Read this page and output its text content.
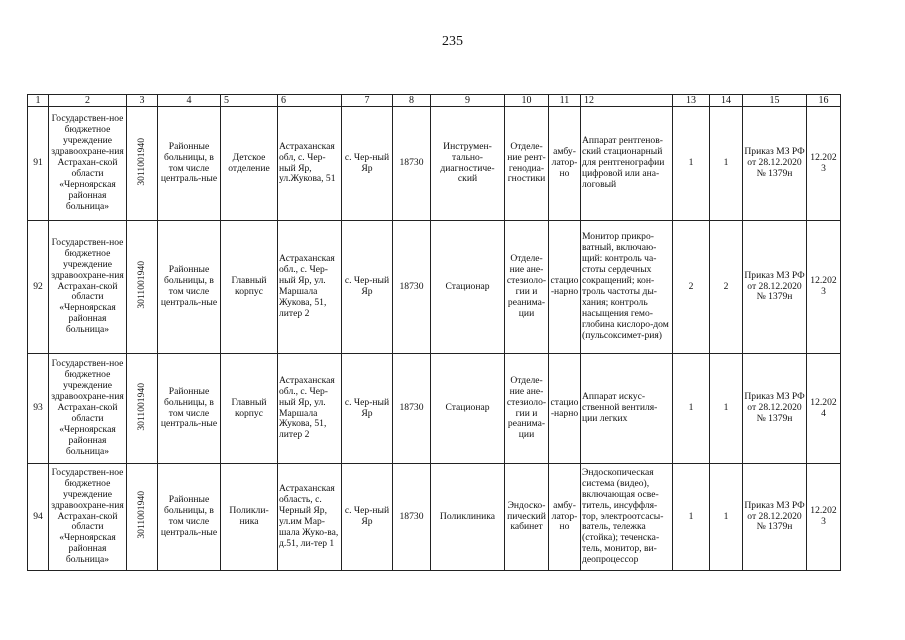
235
1	2	3	4	5	6	7	8	9	10	11	12	13	14	15	16
91	Государствен-ное бюджетное учреждение здравоохране-ния Астрахан-ской области «Черноярская районная больница»	3011001940	Районные больницы, в том числе централь-ные	Детское отделение	Астраханская обл, с. Чер-ный Яр, ул.Жукова, 51	с. Чер-ный Яр	18730	Инструмен-тально-диагностиче-ский	Отделе-ние рент-генодиа-гностики	амбу-латор-но	Аппарат рентгенов-ский стационарный для рентгенографии цифровой или ана-логовый	1	1	Приказ МЗ РФ от 28.12.2020 № 1379н	12.2023
92	Государствен-ное бюджетное учреждение здравоохране-ния Астрахан-ской области «Черноярская районная больница»	3011001940	Районные больницы, в том числе централь-ные	Главный корпус	Астраханская обл., с. Чер-ный Яр, ул. Маршала Жукова, 51, литер 2	с. Чер-ный Яр	18730	Стационар	Отделе-ние ане-стезиоло-гии и реанима-ции	стацио-нарно	Монитор прикро-ватный, включаю-щий: контроль ча-стоты сердечных сокращений; кон-троль частоты ды-хания; контроль насыщения гемо-глобина кислоро-дом (пульсоксимет-рия)	2	2	Приказ МЗ РФ от 28.12.2020 № 1379н	12.2023
93	Государствен-ное бюджетное учреждение здравоохране-ния Астрахан-ской области «Черноярская районная больница»	3011001940	Районные больницы, в том числе централь-ные	Главный корпус	Астраханская обл., с. Чер-ный Яр, ул. Маршала Жукова, 51, литер 2	с. Чер-ный Яр	18730	Стационар	Отделе-ние ане-стезиоло-гии и реанима-ции	стацио-нарно	Аппарат искус-ственной вентиля-ции легких	1	1	Приказ МЗ РФ от 28.12.2020 № 1379н	12.2024
94	Государствен-ное бюджетное учреждение здравоохране-ния Астрахан-ской области «Черноярская районная больница»	3011001940	Районные больницы, в том числе централь-ные	Поликли-ника	Астраханская область, с. Черный Яр, ул.им Мар-шала Жуко-ва, д.51, ли-тер 1	с. Чер-ный Яр	18730	Поликлиника	Эндоско-пический кабинет	амбу-латор-но	Эндоскопическая система (видео), включающая осве-титель, инсуффля-тор, электроотсасы-ватель, тележка (стойка); теченска-тель, монитор, ви-деопроцессор	1	1	Приказ МЗ РФ от 28.12.2020 № 1379н	12.2023
